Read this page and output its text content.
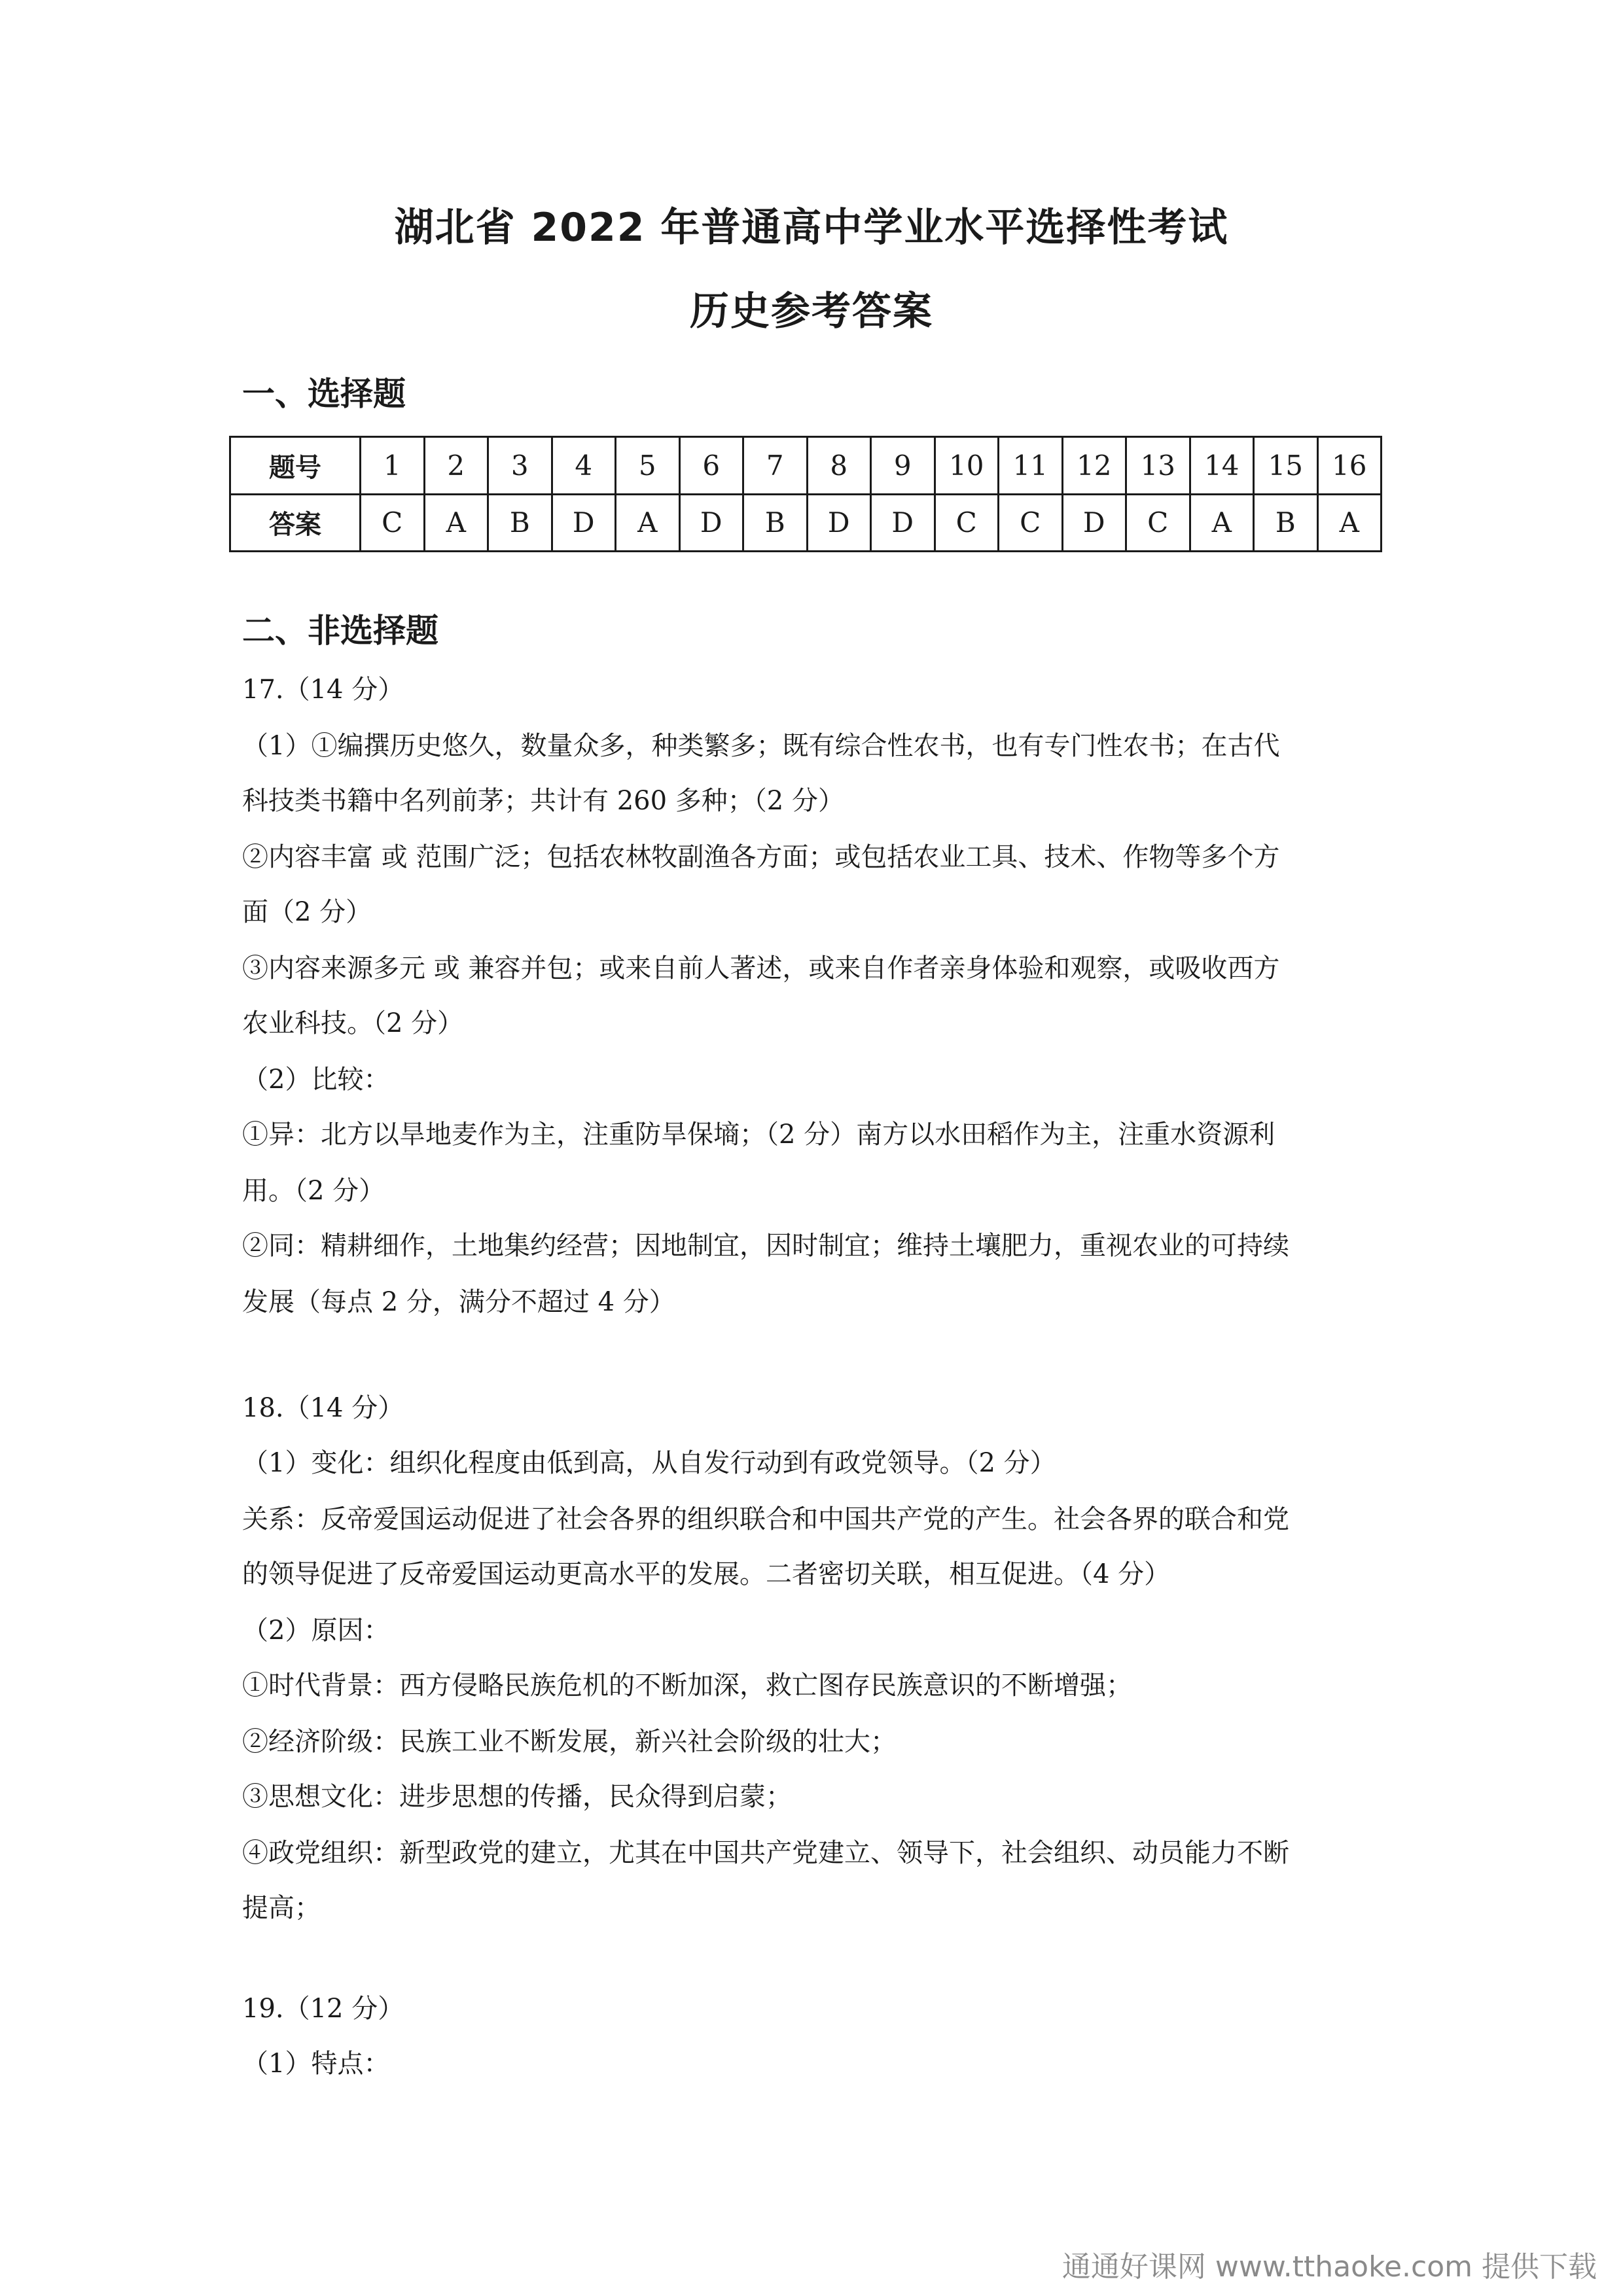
湖北省 2022 年普通高中学业水平选择性考试
历史参考答案
一、选择题
题号	1	2	3	4	5	6	7	8	9	10	11	12	13	14	15	16
答案	C	A	B	D	A	D	B	D	D	C	C	D	C	A	B	A
二、非选择题
17.（14 分）
（1）①编撰历史悠久，数量众多，种类繁多；既有综合性农书，也有专门性农书；在古代
科技类书籍中名列前茅；共计有 260 多种；（2 分）
②内容丰富 或 范围广泛；包括农林牧副渔各方面；或包括农业工具、技术、作物等多个方
面（2 分）
③内容来源多元 或 兼容并包；或来自前人著述，或来自作者亲身体验和观察，或吸收西方
农业科技。（2 分）
（2）比较：
①异：北方以旱地麦作为主，注重防旱保墒；（2 分）南方以水田稻作为主，注重水资源利
用。（2 分）
②同：精耕细作，土地集约经营；因地制宜，因时制宜；维持土壤肥力，重视农业的可持续
发展（每点 2 分，满分不超过 4 分）
18.（14 分）
（1）变化：组织化程度由低到高，从自发行动到有政党领导。（2 分）
关系：反帝爱国运动促进了社会各界的组织联合和中国共产党的产生。社会各界的联合和党
的领导促进了反帝爱国运动更高水平的发展。二者密切关联，相互促进。（4 分）
（2）原因：
①时代背景：西方侵略民族危机的不断加深，救亡图存民族意识的不断增强；
②经济阶级：民族工业不断发展，新兴社会阶级的壮大；
③思想文化：进步思想的传播，民众得到启蒙；
④政党组织：新型政党的建立，尤其在中国共产党建立、领导下，社会组织、动员能力不断
提高；
19.（12 分）
（1）特点：
通通好课网 www.tthaoke.com 提供下载
